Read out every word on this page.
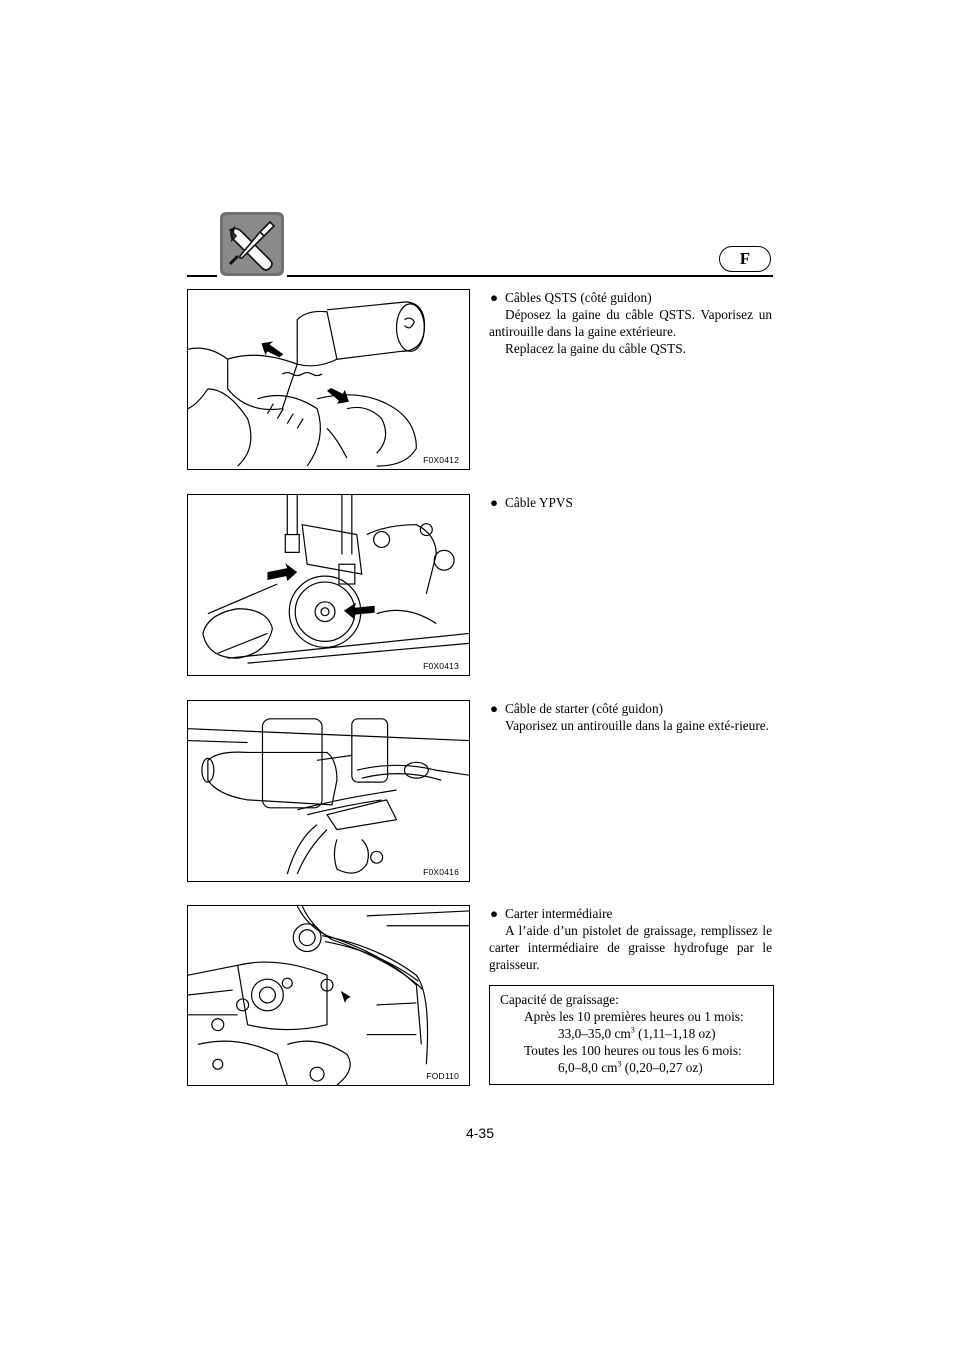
F
F0X0412

● Câbles QSTS (côté guidon)

Déposez la gaine du câble QSTS. Vaporisez un antirouille dans la gaine extérieure.

Replacez la gaine du câble QSTS.

F0X0413

● Câble YPVS

F0X0416

● Câble de starter (côté guidon)

Vaporisez un antirouille dans la gaine exté-rieure.

FOD110

● Carter intermédiaire

A l’aide d’un pistolet de graissage, remplissez le carter intermédiaire de graisse hydrofuge par le graisseur.

Capacité de graissage:

Après les 10 premières heures ou 1 mois:

33,0–35,0 $cm^3$ (1,11–1,18 oz)

Toutes les 100 heures ou tous les 6 mois:

6,0–8,0 $cm^3$ (0,20–0,27 oz)

4-35
